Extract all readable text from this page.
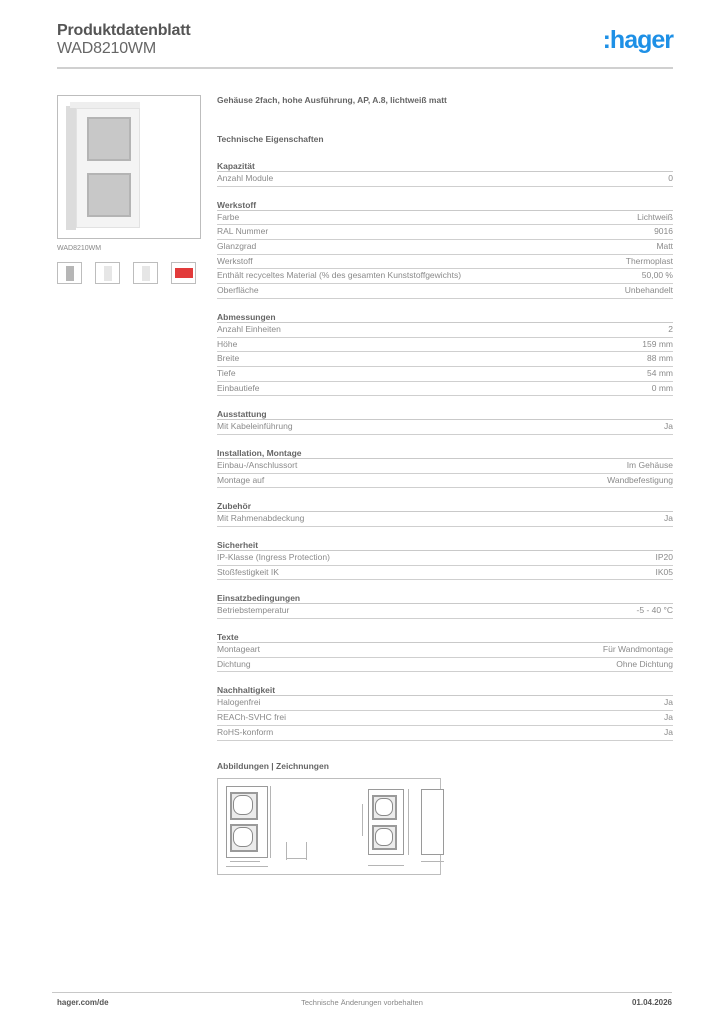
Produktdatenblatt
WAD8210WM	:hager
WAD8210WM
Gehäuse 2fach, hohe Ausführung, AP, A.8, lichtweiß matt
Technische Eigenschaften
Kapazität
Anzahl Module	0
Werkstoff
Farbe	Lichtweiß
RAL Nummer	9016
Glanzgrad	Matt
Werkstoff	Thermoplast
Enthält recyceltes Material (% des gesamten Kunststoffgewichts)	50,00 %
Oberfläche	Unbehandelt
Abmessungen
Anzahl Einheiten	2
Höhe	159 mm
Breite	88 mm
Tiefe	54 mm
Einbautiefe	0 mm
Ausstattung
Mit Kabeleinführung	Ja
Installation, Montage
Einbau-/Anschlussort	Im Gehäuse
Montage auf	Wandbefestigung
Zubehör
Mit Rahmenabdeckung	Ja
Sicherheit
IP-Klasse (Ingress Protection)	IP20
Stoßfestigkeit IK	IK05
Einsatzbedingungen
Betriebstemperatur	-5 - 40 °C
Texte
Montageart	Für Wandmontage
Dichtung	Ohne Dichtung
Nachhaltigkeit
Halogenfrei	Ja
REACh-SVHC frei	Ja
RoHS-konform	Ja
Abbildungen | Zeichnungen
hager.com/de	Technische Änderungen vorbehalten	01.04.2026
